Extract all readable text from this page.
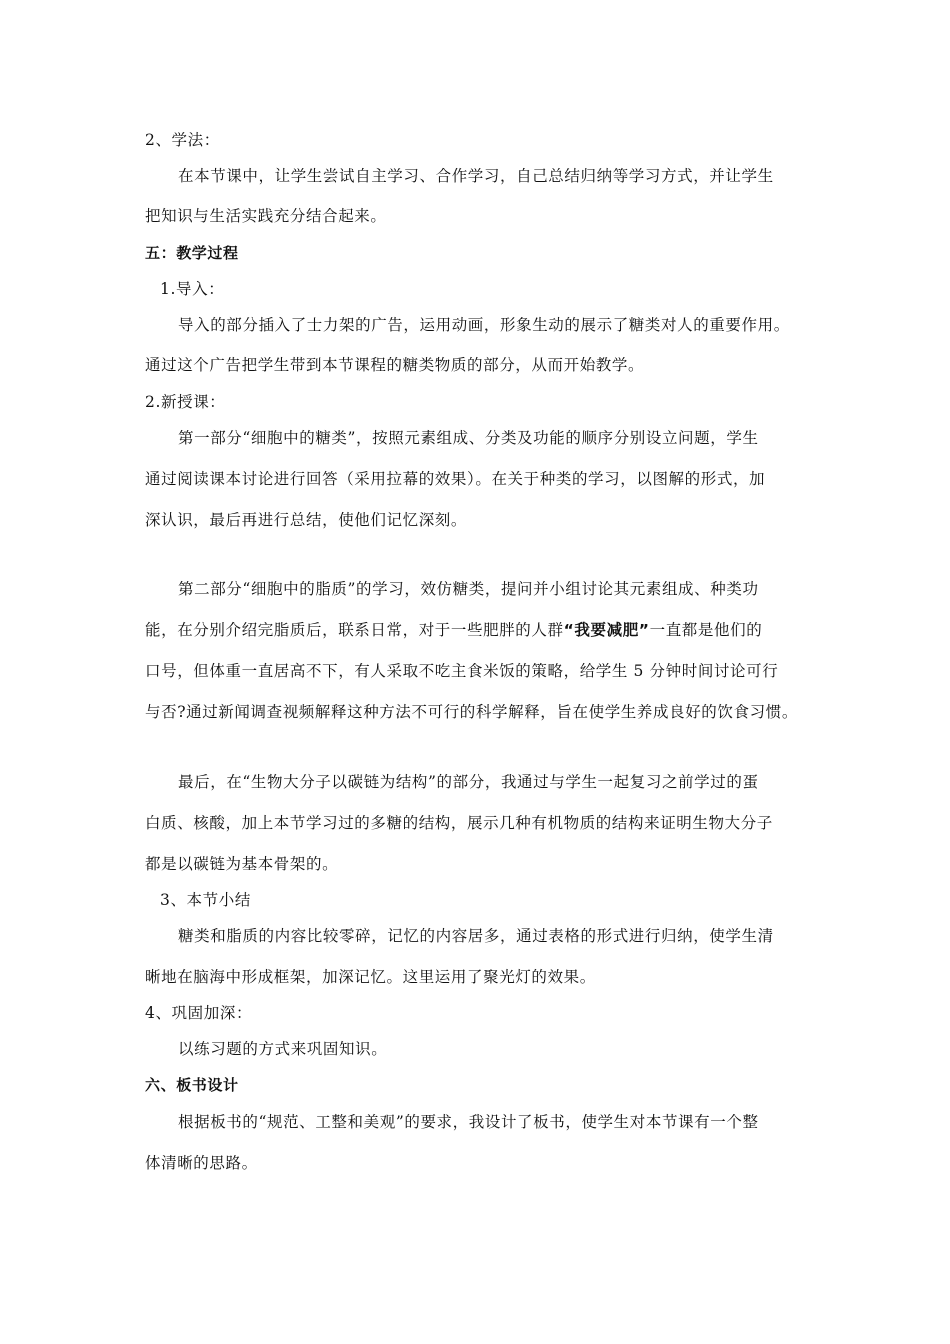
2、学法：
在本节课中，让学生尝试自主学习、合作学习，自己总结归纳等学习方式，并让学生
把知识与生活实践充分结合起来。
五：教学过程
1.导入：
导入的部分插入了士力架的广告，运用动画，形象生动的展示了糖类对人的重要作用。
通过这个广告把学生带到本节课程的糖类物质的部分，从而开始教学。
2.新授课：
第一部分“细胞中的糖类”，按照元素组成、分类及功能的顺序分别设立问题，学生
通过阅读课本讨论进行回答（采用拉幕的效果）。在关于种类的学习，以图解的形式，加
深认识，最后再进行总结，使他们记忆深刻。
第二部分“细胞中的脂质”的学习，效仿糖类，提问并小组讨论其元素组成、种类功
能，在分别介绍完脂质后，联系日常，对于一些肥胖的人群“我要减肥”一直都是他们的
口号，但体重一直居高不下，有人采取不吃主食米饭的策略，给学生 5 分钟时间讨论可行
与否?通过新闻调查视频解释这种方法不可行的科学解释，旨在使学生养成良好的饮食习惯。
最后，在“生物大分子以碳链为结构”的部分，我通过与学生一起复习之前学过的蛋
白质、核酸，加上本节学习过的多糖的结构，展示几种有机物质的结构来证明生物大分子
都是以碳链为基本骨架的。
3、本节小结
糖类和脂质的内容比较零碎，记忆的内容居多，通过表格的形式进行归纳，使学生清
晰地在脑海中形成框架，加深记忆。这里运用了聚光灯的效果。
4、巩固加深：
以练习题的方式来巩固知识。
六、板书设计
根据板书的“规范、工整和美观”的要求，我设计了板书，使学生对本节课有一个整
体清晰的思路。
